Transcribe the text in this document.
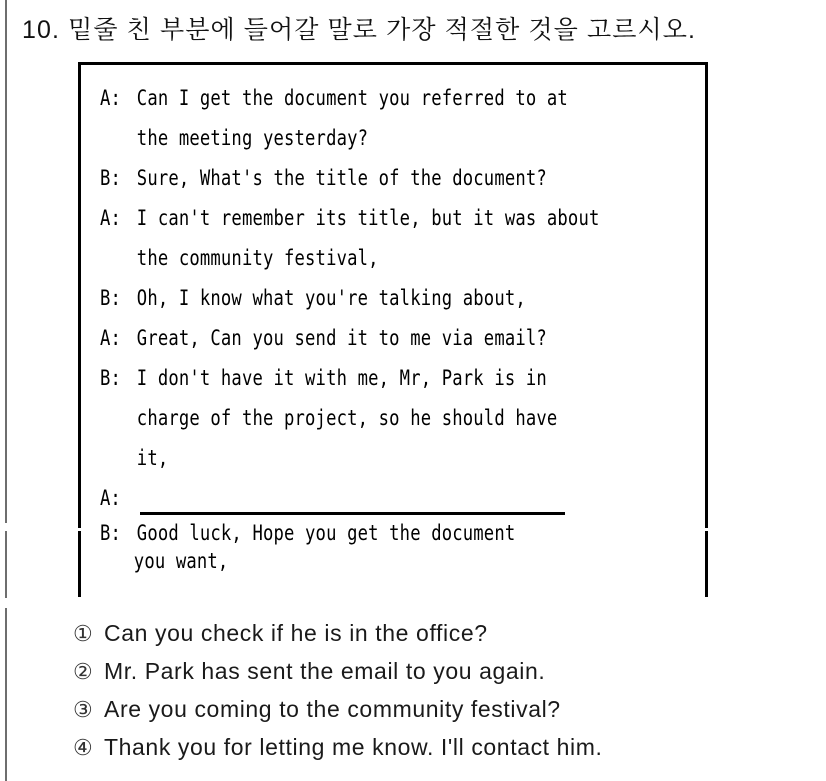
10. 밑줄 친 부분에 들어갈 말로 가장 적절한 것을 고르시오.
A: Can I get the document you referred to at
the meeting yesterday?
B: Sure, What's the title of the document?
A: I can't remember its title, but it was about
the community festival,
B: Oh, I know what you're talking about,
A: Great, Can you send it to me via email?
B: I don't have it with me, Mr, Park is in
charge of the project, so he should have
it,
A:
B: Good luck, Hope you get the document
you want,
① Can you check if he is in the office?
② Mr. Park has sent the email to you again.
③ Are you coming to the community festival?
④ Thank you for letting me know. I'll contact him.
